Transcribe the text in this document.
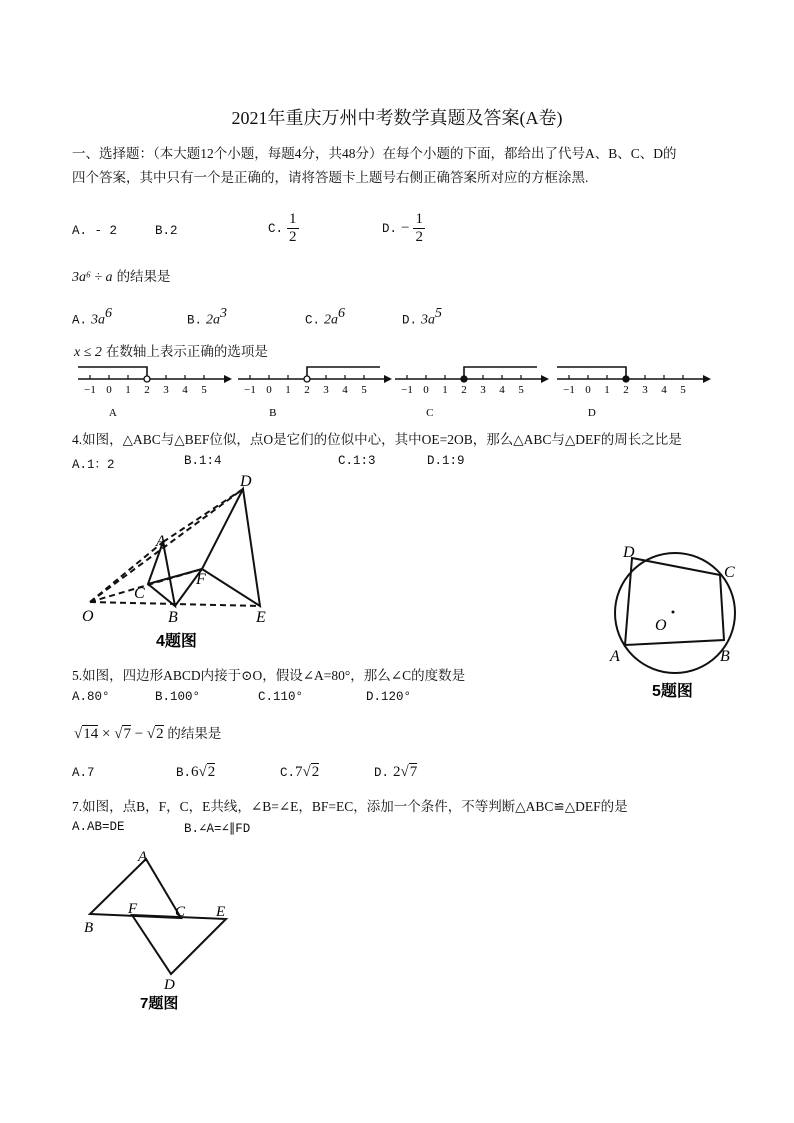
2021年重庆万州中考数学真题及答案(A卷)
一、选择题：（本大题12个小题，每题4分，共48分）在每个小题的下面，都给出了代号A、B、C、D的
四个答案，其中只有一个是正确的，请将答题卡上题号右侧正确答案所对应的方框涂黑.
A. - 2	B.2	C. $\frac{1}{2}$	D. − $\frac{1}{2}$
3a⁶ ÷ a 的结果是
A. $3a^6$	B. $2a^3$	C. $2a^6$	D. $3a^5$
x ≤ 2 在数轴上表示正确的选项是
−1 0 1 2 3 4 5
A
−1 0 1 2 3 4 5
B
−1 0 1 2 3 4 5
C
−1 0 1 2 3 4 5
D
4.如图，△ABC与△BEF位似，点O是它们的位似中心，其中OE=2OB，那么△ABC与△DEF的周长之比是
A.1：2	B.1:4	C.1:3	D.1:9
D
A
F
C
O	B	E
4题图
D
C
O
A	B
5题图
5.如图，四边形ABCD内接于⊙O，假设∠A=80°，那么∠C的度数是
A.80°	B.100°	C.110°	D.120°
√14 × √7 − √2 的结果是
A.7	B.6√2	C.7√2	D. 2√7
7.如图，点B，F，C，E共线，∠B=∠E，BF=EC，添加一个条件，不等判断△ABC≌△DEF的是
A.AB=DE	B.∠A=∠∥FD
A
F	C E
B
D
7题图
